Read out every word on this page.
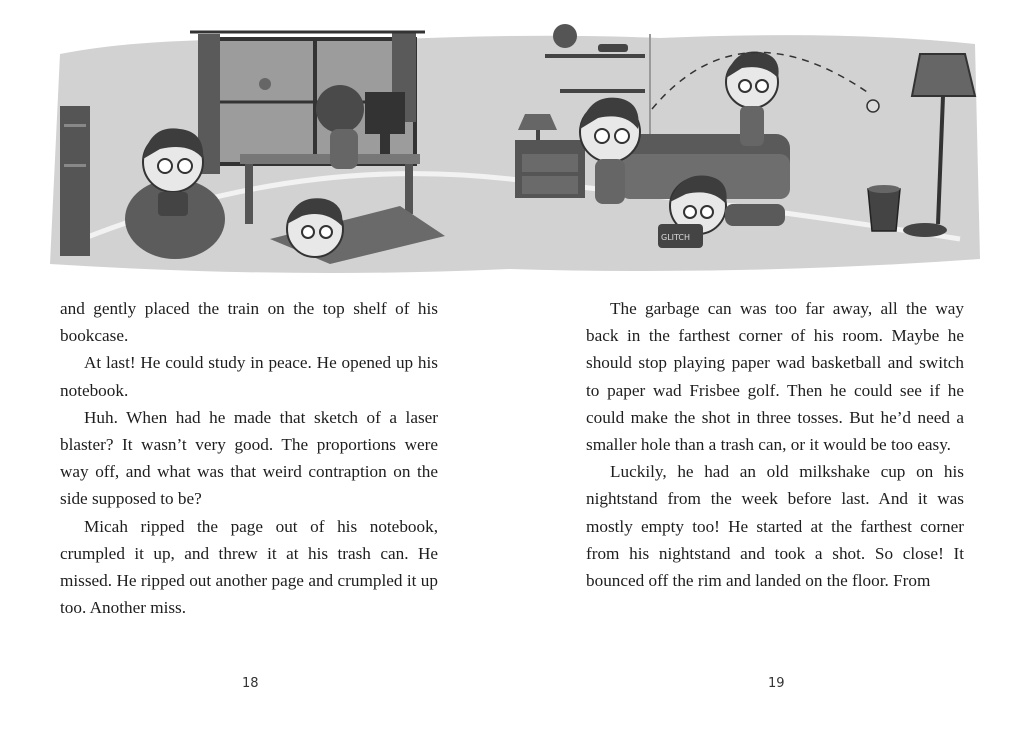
GLITCH

and gently placed the train on the top shelf of his bookcase.

At last! He could study in peace. He opened up his notebook.

Huh. When had he made that sketch of a laser blaster? It wasn’t very good. The proportions were way off, and what was that weird contraption on the side supposed to be?

Micah ripped the page out of his notebook, crumpled it up, and threw it at his trash can. He missed. He ripped out another page and crumpled it up too. Another miss.

The garbage can was too far away, all the way back in the farthest corner of his room. Maybe he should stop playing paper wad basketball and switch to paper wad Frisbee golf. Then he could see if he could make the shot in three tosses. But he’d need a smaller hole than a trash can, or it would be too easy.

Luckily, he had an old milkshake cup on his nightstand from the week before last. And it was mostly empty too! He started at the farthest corner from his nightstand and took a shot. So close! It bounced off the rim and landed on the floor. From

18	19
